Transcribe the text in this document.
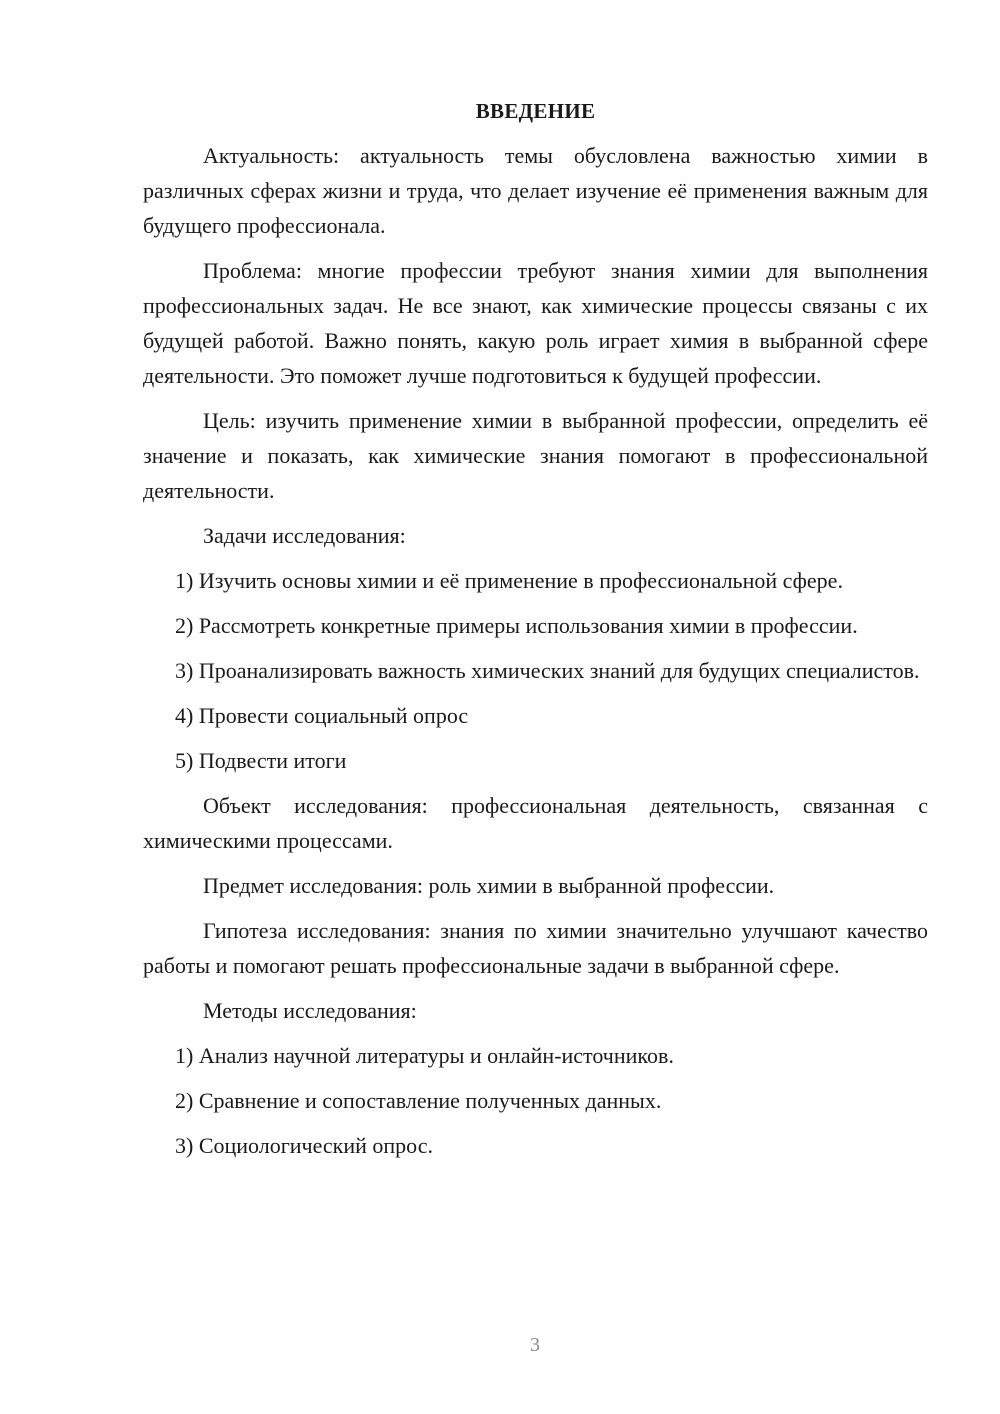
ВВЕДЕНИЕ

Актуальность: актуальность темы обусловлена важностью химии в различных сферах жизни и труда, что делает изучение её применения важным для будущего профессионала.

Проблема: многие профессии требуют знания химии для выполнения профессиональных задач. Не все знают, как химические процессы связаны с их будущей работой. Важно понять, какую роль играет химия в выбранной сфере деятельности. Это поможет лучше подготовиться к будущей профессии.

Цель: изучить применение химии в выбранной профессии, определить её значение и показать, как химические знания помогают в профессиональной деятельности.

Задачи исследования:

1) Изучить основы химии и её применение в профессиональной сфере.

2) Рассмотреть конкретные примеры использования химии в профессии.

3) Проанализировать важность химических знаний для будущих специалистов.

4) Провести социальный опрос

5) Подвести итоги

Объект исследования: профессиональная деятельность, связанная с химическими процессами.

Предмет исследования: роль химии в выбранной профессии.

Гипотеза исследования: знания по химии значительно улучшают качество работы и помогают решать профессиональные задачи в выбранной сфере.

Методы исследования:

1) Анализ научной литературы и онлайн-источников.

2) Сравнение и сопоставление полученных данных.

3) Социологический опрос.

3
